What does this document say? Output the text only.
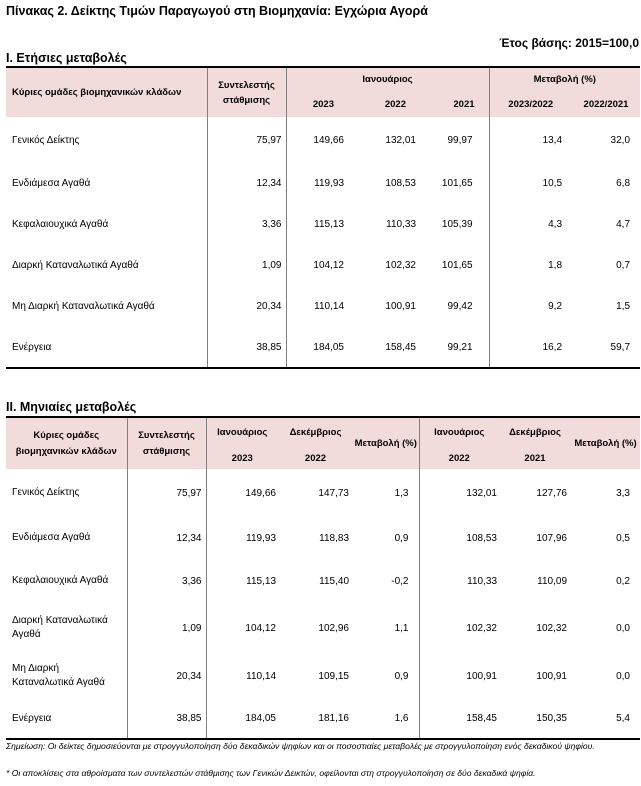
Πίνακας 2. Δείκτης Τιμών Παραγωγού στη Βιομηχανία: Εγχώρια Αγορά
Έτος βάσης: 2015=100,0
Ι. Ετήσιες μεταβολές
Κύριες ομάδες βιομηχανικών κλάδων	Συντελεστής στάθμισης	Ιανουάριος			Μεταβολή (%)	
		2023	2022	2021	2023/2022	2022/2021
Γενικός Δείκτης	75,97	149,66	132,01	99,97	13,4	32,0
Ενδιάμεσα Αγαθά	12,34	119,93	108,53	101,65	10,5	6,8
Κεφαλαιουχικά Αγαθά	3,36	115,13	110,33	105,39	4,3	4,7
Διαρκή Καταναλωτικά Αγαθά	1,09	104,12	102,32	101,65	1,8	0,7
Μη Διαρκή Καταναλωτικά Αγαθά	20,34	110,14	100,91	99,42	9,2	1,5
Ενέργεια	38,85	184,05	158,45	99,21	16,2	59,7
ΙΙ. Μηνιαίες μεταβολές
Κύριες ομάδες βιομηχανικών κλάδων	Συντελεστής στάθμισης	Ιανουάριος	Δεκέμβριος	Μεταβολή (%)	Ιανουάριος	Δεκέμβριος	Μεταβολή (%)
		2023	2022		2022	2021	
Γενικός Δείκτης	75,97	149,66	147,73	1,3	132,01	127,76	3,3
Ενδιάμεσα Αγαθά	12,34	119,93	118,83	0,9	108,53	107,96	0,5
Κεφαλαιουχικά Αγαθά	3,36	115,13	115,40	-0,2	110,33	110,09	0,2
Διαρκή Καταναλωτικά Αγαθά	1,09	104,12	102,96	1,1	102,32	102,32	0,0
Μη Διαρκή Καταναλωτικά Αγαθά	20,34	110,14	109,15	0,9	100,91	100,91	0,0
Ενέργεια	38,85	184,05	181,16	1,6	158,45	150,35	5,4
Σημείωση: Οι δείκτες δημοσιεύονται με στρογγυλοποίηση δύο δεκαδικών ψηφίων και οι ποσοστιαίες μεταβολές με στρογγυλοποίηση ενός δεκαδικού ψηφίου.
* Οι αποκλίσεις στα αθροίσματα των συντελεστών στάθμισης των Γενικών Δεικτών, οφείλονται στη στρογγυλοποίηση σε δύο δεκαδικά ψηφία.
